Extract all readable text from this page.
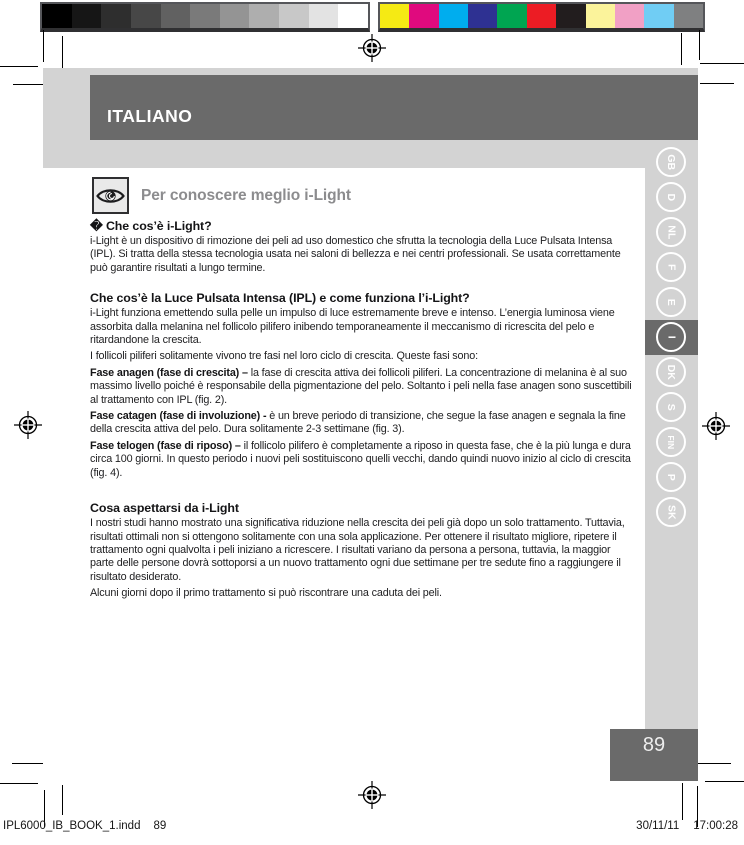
ITALIANO
GB
D
NL
F
E
I
DK
S
FIN
P
SK
Per conoscere meglio i-Light
� Che cos’è i-Light?

i-Light è un dispositivo di rimozione dei peli ad uso domestico che sfrutta la tecnologia della Luce Pulsata Intensa (IPL). Si tratta della stessa tecnologia usata nei saloni di bellezza e nei centri professionali. Se usata correttamente può garantire risultati a lungo termine.

Che cos’è la Luce Pulsata Intensa (IPL) e come funziona l’i-Light?

i-Light funziona emettendo sulla pelle un impulso di luce estremamente breve e intenso. L’energia luminosa viene assorbita dalla melanina nel follicolo pilifero inibendo temporaneamente il meccanismo di ricrescita del pelo e ritardandone la crescita.

I follicoli piliferi solitamente vivono tre fasi nel loro ciclo di crescita. Queste fasi sono:

Fase anagen (fase di crescita) – la fase di crescita attiva dei follicoli piliferi. La concentrazione di melanina è al suo massimo livello poiché è responsabile della pigmentazione del pelo. Soltanto i peli nella fase anagen sono suscettibili al trattamento con IPL (fig. 2).

Fase catagen (fase di involuzione) - è un breve periodo di transizione, che segue la fase anagen e segnala la fine della crescita attiva del pelo. Dura solitamente 2-3 settimane (fig. 3).

Fase telogen (fase di riposo) – il follicolo pilifero è completamente a riposo in questa fase, che è la più lunga e dura circa 100 giorni. In questo periodo i nuovi peli sostituiscono quelli vecchi, dando quindi nuovo inizio al ciclo di crescita (fig. 4).

Cosa aspettarsi da i-Light

I nostri studi hanno mostrato una significativa riduzione nella crescita dei peli già dopo un solo trattamento. Tuttavia, risultati ottimali non si ottengono solitamente con una sola applicazione. Per ottenere il risultato migliore, ripetere il trattamento ogni qualvolta i peli iniziano a ricrescere. I risultati variano da persona a persona, tuttavia, la maggior parte delle persone dovrà sottoporsi a un nuovo trattamento ogni due settimane per tre sedute fino a raggiungere il risultato desiderato.

Alcuni giorni dopo il primo trattamento si può riscontrare una caduta dei peli.

89
IPL6000_IB_BOOK_1.indd 89	30/11/11 17:00:28
